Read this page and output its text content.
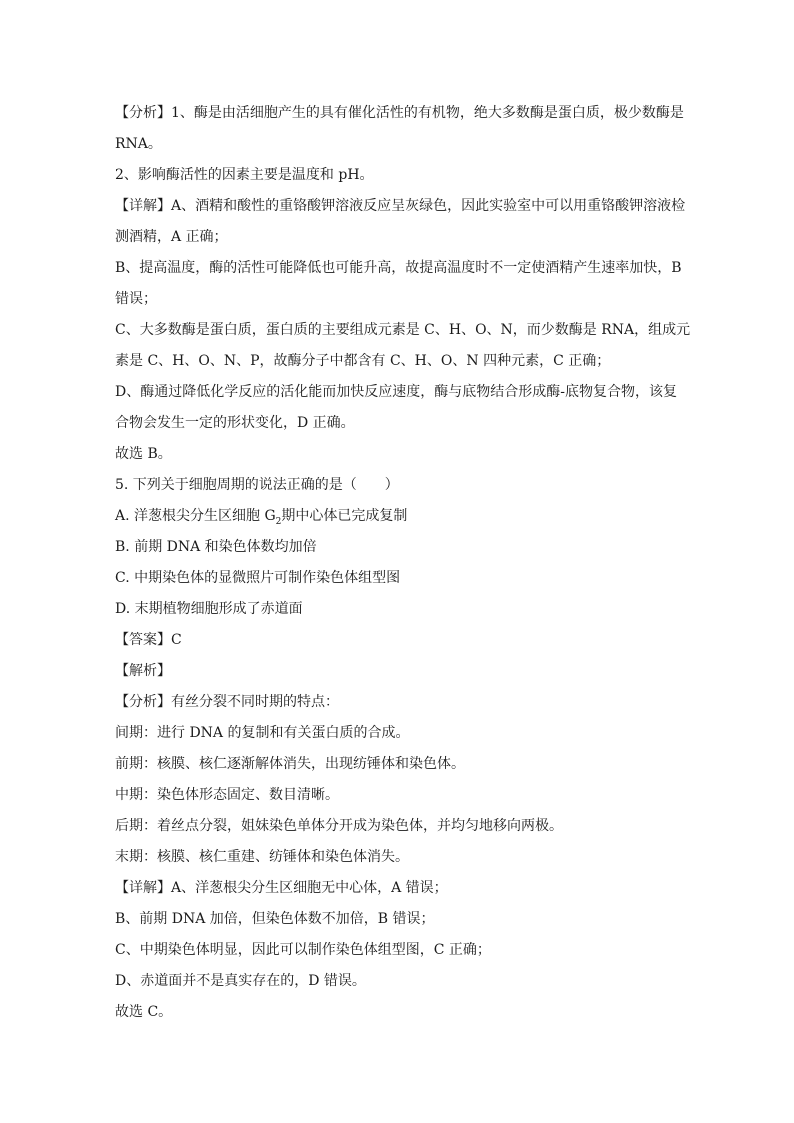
【分析】1、酶是由活细胞产生的具有催化活性的有机物，绝大多数酶是蛋白质，极少数酶是
RNA。
2、影响酶活性的因素主要是温度和 pH。
【详解】A、酒精和酸性的重铬酸钾溶液反应呈灰绿色，因此实验室中可以用重铬酸钾溶液检
测酒精，A 正确；
B、提高温度，酶的活性可能降低也可能升高，故提高温度时不一定使酒精产生速率加快，B
错误；
C、大多数酶是蛋白质，蛋白质的主要组成元素是 C、H、O、N，而少数酶是 RNA，组成元
素是 C、H、O、N、P，故酶分子中都含有 C、H、O、N 四种元素，C 正确；
D、酶通过降低化学反应的活化能而加快反应速度，酶与底物结合形成酶-底物复合物，该复
合物会发生一定的形状变化，D 正确。
故选 B。
5. 下列关于细胞周期的说法正确的是（　　）
A. 洋葱根尖分生区细胞 $G_2$期中心体已完成复制
B. 前期 DNA 和染色体数均加倍
C. 中期染色体的显微照片可制作染色体组型图
D. 末期植物细胞形成了赤道面
【答案】C
【解析】
【分析】有丝分裂不同时期的特点：
间期：进行 DNA 的复制和有关蛋白质的合成。
前期：核膜、核仁逐渐解体消失，出现纺锤体和染色体。
中期：染色体形态固定、数目清晰。
后期：着丝点分裂，姐妹染色单体分开成为染色体，并均匀地移向两极。
末期：核膜、核仁重建、纺锤体和染色体消失。
【详解】A、洋葱根尖分生区细胞无中心体，A 错误；
B、前期 DNA 加倍，但染色体数不加倍，B 错误；
C、中期染色体明显，因此可以制作染色体组型图，C 正确；
D、赤道面并不是真实存在的，D 错误。
故选 C。
